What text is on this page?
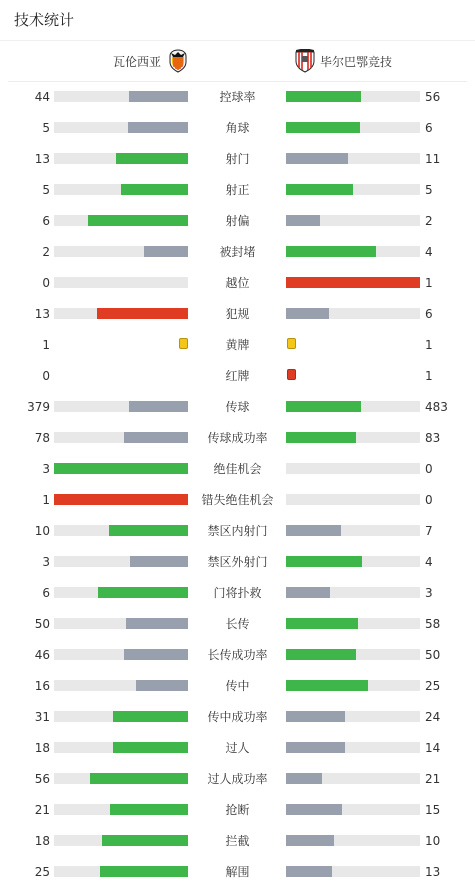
技术统计
瓦伦西亚	毕尔巴鄂竞技
44	控球率	56
5	角球	6
13	射门	11
5	射正	5
6	射偏	2
2	被封堵	4
0	越位	1
13	犯规	6
1	黄牌	1
0	红牌	1
379	传球	483
78	传球成功率	83
3	绝佳机会	0
1	错失绝佳机会	0
10	禁区内射门	7
3	禁区外射门	4
6	门将扑救	3
50	长传	58
46	长传成功率	50
16	传中	25
31	传中成功率	24
18	过人	14
56	过人成功率	21
21	抢断	15
18	拦截	10
25	解围	13
